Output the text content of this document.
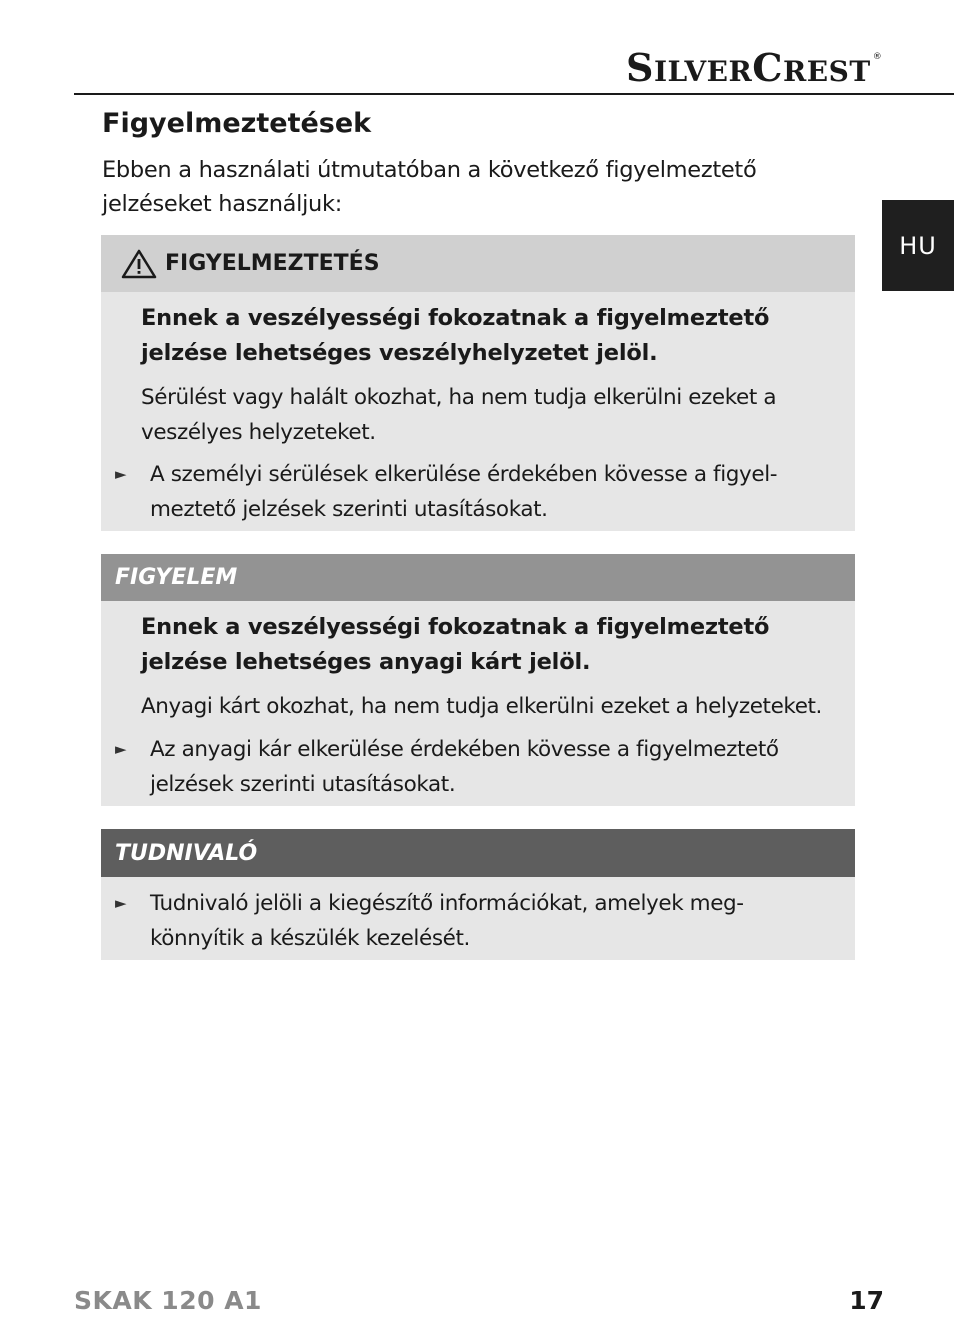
SILVERCREST ®
HU
Figyelmeztetések

Ebben a használati útmutatóban a következő figyelmeztető jelzéseket használjuk:

FIGYELMEZTETÉS

Ennek a veszélyességi fokozatnak a figyelmeztető jelzése lehetséges veszélyhelyzetet jelöl.

Sérülést vagy halált okozhat, ha nem tudja elkerülni ezeket a veszélyes helyzeteket.

► A személyi sérülések elkerülése érdekében kövesse a figyel-meztető jelzések szerinti utasításokat.
FIGYELEM

Ennek a veszélyességi fokozatnak a figyelmeztető jelzése lehetséges anyagi kárt jelöl.

Anyagi kárt okozhat, ha nem tudja elkerülni ezeket a helyzeteket.

► Az anyagi kár elkerülése érdekében kövesse a figyelmeztető jelzések szerinti utasításokat.
TUDNIVALÓ
► Tudnivaló jelöli a kiegészítő információkat, amelyek meg-könnyítik a készülék kezelését.

SKAK 120 A1	17
